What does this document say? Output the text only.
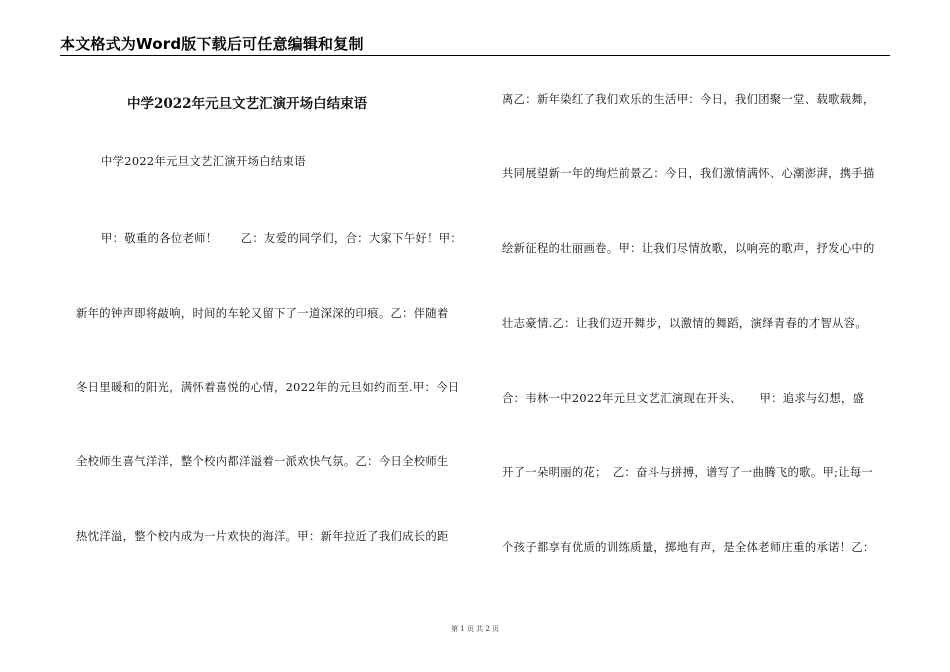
本文格式为Word版下载后可任意编辑和复制
中学2022年元旦文艺汇演开场白结束语
中学2022年元旦文艺汇演开场白结束语
甲：敬重的各位老师！　　乙：友爱的同学们，合：大家下午好！甲：
新年的钟声即将敲响，时间的车轮又留下了一道深深的印痕。乙：伴随着
冬日里暖和的阳光，满怀着喜悦的心情，2022年的元旦如约而至.甲：今日
全校师生喜气洋洋，整个校内都洋溢着一派欢快气氛。乙：今日全校师生
热忱洋溢，整个校内成为一片欢快的海洋。甲：新年拉近了我们成长的距
离乙：新年染红了我们欢乐的生活甲：今日，我们团聚一堂、载歌载舞，
共同展望新一年的绚烂前景乙：今日，我们激情满怀、心潮澎湃，携手描
绘新征程的壮丽画卷。甲：让我们尽情放歌，以响亮的歌声，抒发心中的
壮志豪情.乙：让我们迈开舞步，以激情的舞蹈，演绎青春的才智从容。
合：韦林一中2022年元旦文艺汇演现在开头、　　甲：追求与幻想，盛
开了一朵明丽的花；　乙：奋斗与拼搏，谱写了一曲腾飞的歌。甲;让每一
个孩子都享有优质的训练质量，掷地有声，是全体老师庄重的承诺！乙：
第 1 页 共 2 页
